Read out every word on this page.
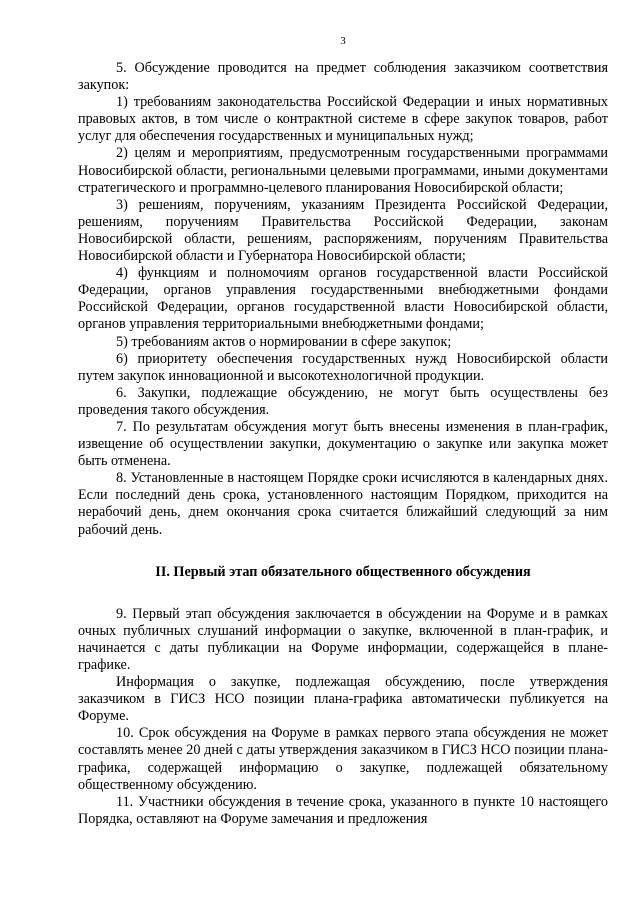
3

5. Обсуждение проводится на предмет соблюдения заказчиком соответствия закупок:

1) требованиям законодательства Российской Федерации и иных нормативных правовых актов, в том числе о контрактной системе в сфере закупок товаров, работ услуг для обеспечения государственных и муниципальных нужд;

2) целям и мероприятиям, предусмотренным государственными программами Новосибирской области, региональными целевыми программами, иными документами стратегического и программно-целевого планирования Новосибирской области;

3) решениям, поручениям, указаниям Президента Российской Федерации, решениям, поручениям Правительства Российской Федерации, законам Новосибирской области, решениям, распоряжениям, поручениям Правительства Новосибирской области и Губернатора Новосибирской области;

4) функциям и полномочиям органов государственной власти Российской Федерации, органов управления государственными внебюджетными фондами Российской Федерации, органов государственной власти Новосибирской области, органов управления территориальными внебюджетными фондами;

5) требованиям актов о нормировании в сфере закупок;

6) приоритету обеспечения государственных нужд Новосибирской области путем закупок инновационной и высокотехнологичной продукции.

6. Закупки, подлежащие обсуждению, не могут быть осуществлены без проведения такого обсуждения.

7. По результатам обсуждения могут быть внесены изменения в план-график, извещение об осуществлении закупки, документацию о закупке или закупка может быть отменена.

8. Установленные в настоящем Порядке сроки исчисляются в календарных днях. Если последний день срока, установленного настоящим Порядком, приходится на нерабочий день, днем окончания срока считается ближайший следующий за ним рабочий день.

II. Первый этап обязательного общественного обсуждения

9. Первый этап обсуждения заключается в обсуждении на Форуме и в рамках очных публичных слушаний информации о закупке, включенной в план-график, и начинается с даты публикации на Форуме информации, содержащейся в плане-графике.

Информация о закупке, подлежащая обсуждению, после утверждения заказчиком в ГИСЗ НСО позиции плана-графика автоматически публикуется на Форуме.

10. Срок обсуждения на Форуме в рамках первого этапа обсуждения не может составлять менее 20 дней с даты утверждения заказчиком в ГИСЗ НСО позиции плана-графика, содержащей информацию о закупке, подлежащей обязательному общественному обсуждению.

11. Участники обсуждения в течение срока, указанного в пункте 10 настоящего Порядка, оставляют на Форуме замечания и предложения
